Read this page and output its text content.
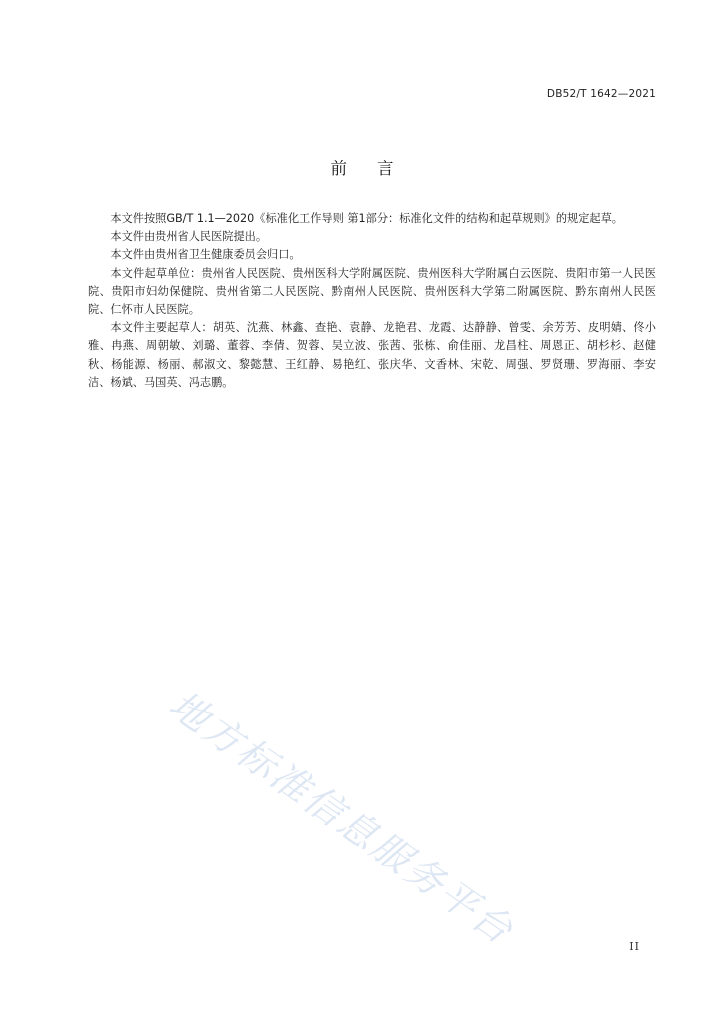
DB52/T 1642—2021
前言

本文件按照GB/T 1.1—2020《标准化工作导则 第1部分：标准化文件的结构和起草规则》的规定起草。

本文件由贵州省人民医院提出。

本文件由贵州省卫生健康委员会归口。

本文件起草单位：贵州省人民医院、贵州医科大学附属医院、贵州医科大学附属白云医院、贵阳市第一人民医院、贵阳市妇幼保健院、贵州省第二人民医院、黔南州人民医院、贵州医科大学第二附属医院、黔东南州人民医院、仁怀市人民医院。

本文件主要起草人：胡英、沈燕、林鑫、查艳、袁静、龙艳君、龙霞、达静静、曾雯、余芳芳、皮明婧、佟小雅、冉燕、周朝敏、刘璐、董蓉、李倩、贺蓉、吴立波、张茜、张栋、俞佳丽、龙昌柱、周恩正、胡杉杉、赵健秋、杨能源、杨丽、郝淑文、黎懿慧、王红静、易艳红、张庆华、文香林、宋乾、周强、罗贤珊、罗海丽、李安洁、杨斌、马国英、冯志鹏。

地方标准信息服务平台	II
